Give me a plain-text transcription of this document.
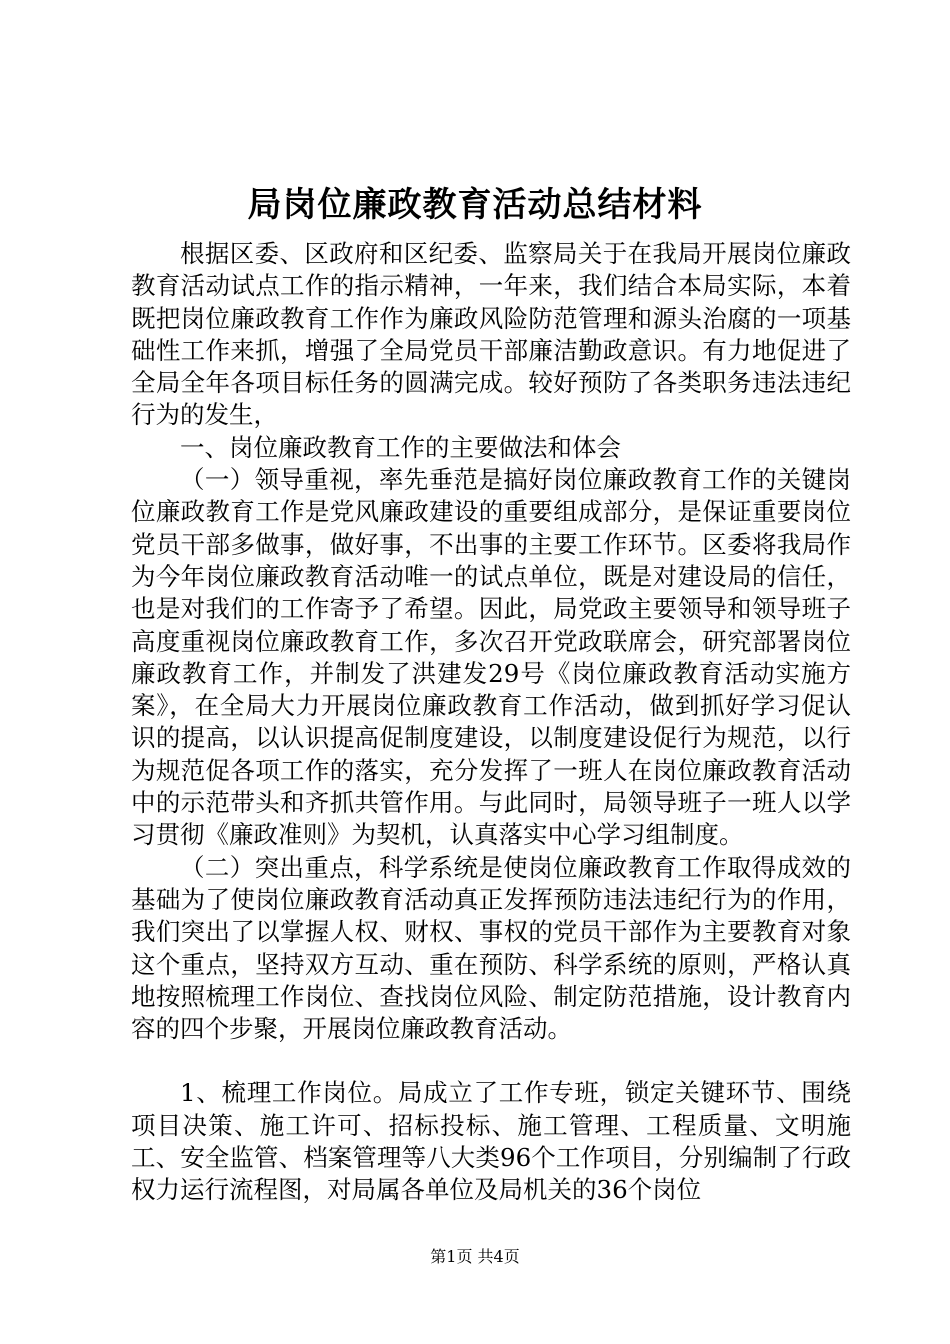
局岗位廉政教育活动总结材料

根据区委、区政府和区纪委、监察局关于在我局开展岗位廉政教育活动试点工作的指示精神，一年来，我们结合本局实际，本着既把岗位廉政教育工作作为廉政风险防范管理和源头治腐的一项基础性工作来抓，增强了全局党员干部廉洁勤政意识。有力地促进了全局全年各项目标任务的圆满完成。较好预防了各类职务违法违纪行为的发生，

一、岗位廉政教育工作的主要做法和体会

（一）领导重视，率先垂范是搞好岗位廉政教育工作的关键岗位廉政教育工作是党风廉政建设的重要组成部分，是保证重要岗位党员干部多做事，做好事，不出事的主要工作环节。区委将我局作为今年岗位廉政教育活动唯一的试点单位，既是对建设局的信任，也是对我们的工作寄予了希望。因此，局党政主要领导和领导班子高度重视岗位廉政教育工作，多次召开党政联席会，研究部署岗位廉政教育工作，并制发了洪建发29号《岗位廉政教育活动实施方案》，在全局大力开展岗位廉政教育工作活动，做到抓好学习促认识的提高，以认识提高促制度建设，以制度建设促行为规范，以行为规范促各项工作的落实，充分发挥了一班人在岗位廉政教育活动中的示范带头和齐抓共管作用。与此同时，局领导班子一班人以学习贯彻《廉政准则》为契机，认真落实中心学习组制度。

（二）突出重点，科学系统是使岗位廉政教育工作取得成效的基础为了使岗位廉政教育活动真正发挥预防违法违纪行为的作用，我们突出了以掌握人权、财权、事权的党员干部作为主要教育对象这个重点，坚持双方互动、重在预防、科学系统的原则，严格认真地按照梳理工作岗位、查找岗位风险、制定防范措施，设计教育内容的四个步聚，开展岗位廉政教育活动。

1、梳理工作岗位。局成立了工作专班，锁定关键环节、围绕项目决策、施工许可、招标投标、施工管理、工程质量、文明施工、安全监管、档案管理等八大类96个工作项目，分别编制了行政权力运行流程图，对局属各单位及局机关的36个岗位

第1页 共4页
